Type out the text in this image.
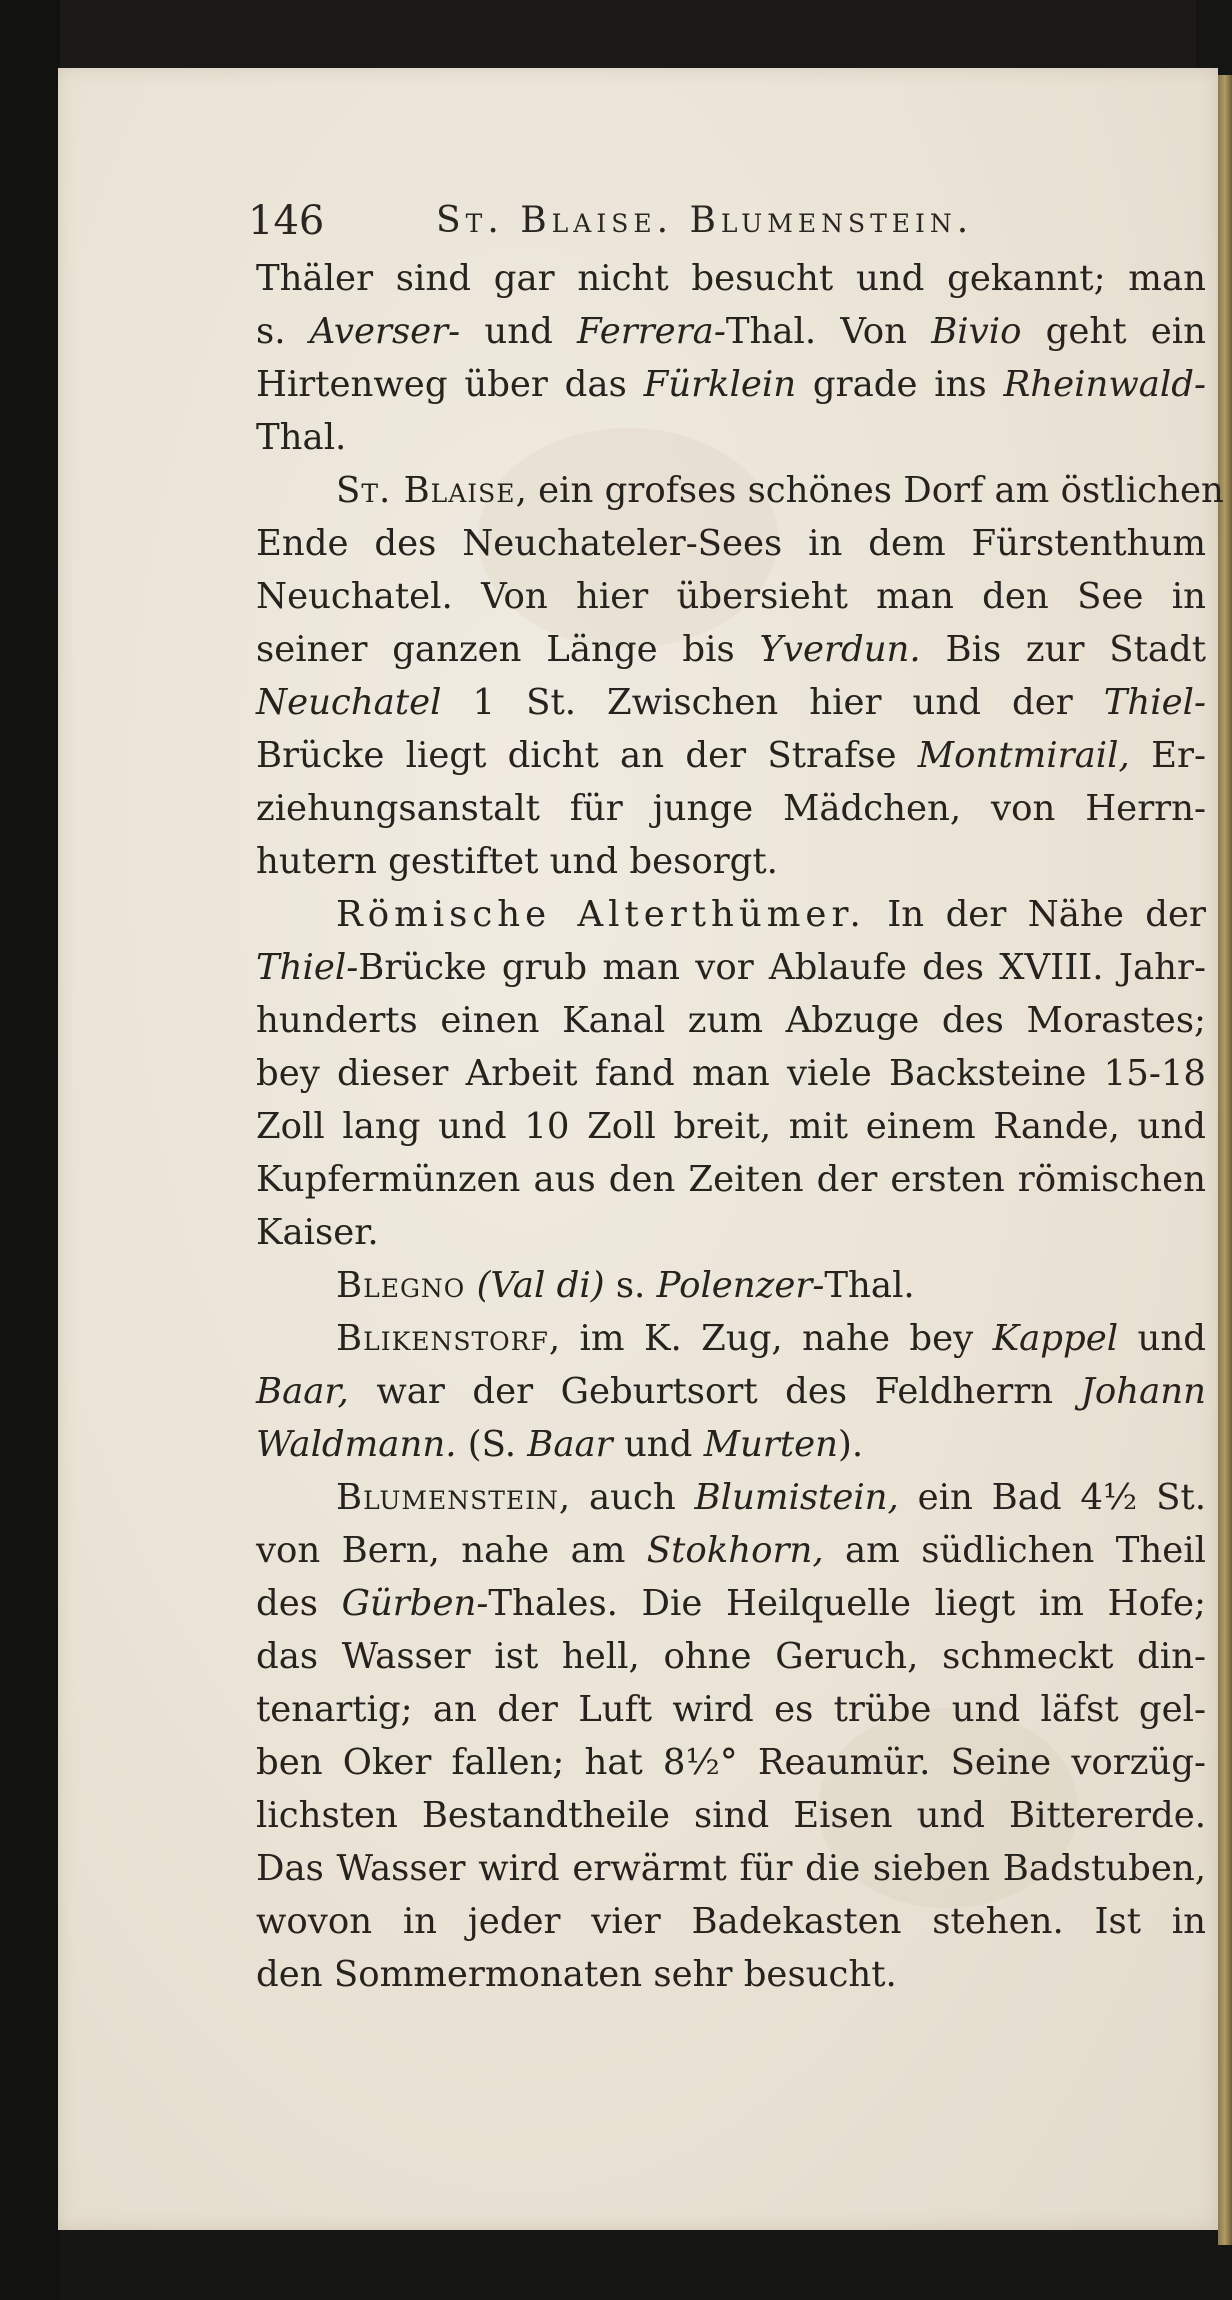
146	St. Blaise. Blumenstein.

Thäler sind gar nicht besucht und gekannt; man
s. Averser- und Ferrera-Thal. Von Bivio geht ein
Hirtenweg über das Fürklein grade ins Rheinwald-
Thal.

St. Blaise, ein grofses schönes Dorf am östlichen
Ende des Neuchateler-Sees in dem Fürstenthum
Neuchatel. Von hier übersieht man den See in
seiner ganzen Länge bis Yverdun. Bis zur Stadt
Neuchatel 1 St. Zwischen hier und der Thiel-
Brücke liegt dicht an der Strafse Montmirail, Er-
ziehungsanstalt für junge Mädchen, von Herrn-
hutern gestiftet und besorgt.

Römische Alterthümer. In der Nähe der
Thiel-Brücke grub man vor Ablaufe des XVIII. Jahr-
hunderts einen Kanal zum Abzuge des Morastes;
bey dieser Arbeit fand man viele Backsteine 15-18
Zoll lang und 10 Zoll breit, mit einem Rande, und
Kupfermünzen aus den Zeiten der ersten römischen
Kaiser.

Blegno (Val di) s. Polenzer-Thal.

Blikenstorf, im K. Zug, nahe bey Kappel und
Baar, war der Geburtsort des Feldherrn Johann
Waldmann. (S. Baar und Murten).

Blumenstein, auch Blumistein, ein Bad 4½ St.
von Bern, nahe am Stokhorn, am südlichen Theil
des Gürben-Thales. Die Heilquelle liegt im Hofe;
das Wasser ist hell, ohne Geruch, schmeckt din-
tenartig; an der Luft wird es trübe und läfst gel-
ben Oker fallen; hat 8½° Reaumür. Seine vorzüg-
lichsten Bestandtheile sind Eisen und Bittererde.
Das Wasser wird erwärmt für die sieben Badstuben,
wovon in jeder vier Badekasten stehen. Ist in
den Sommermonaten sehr besucht.
